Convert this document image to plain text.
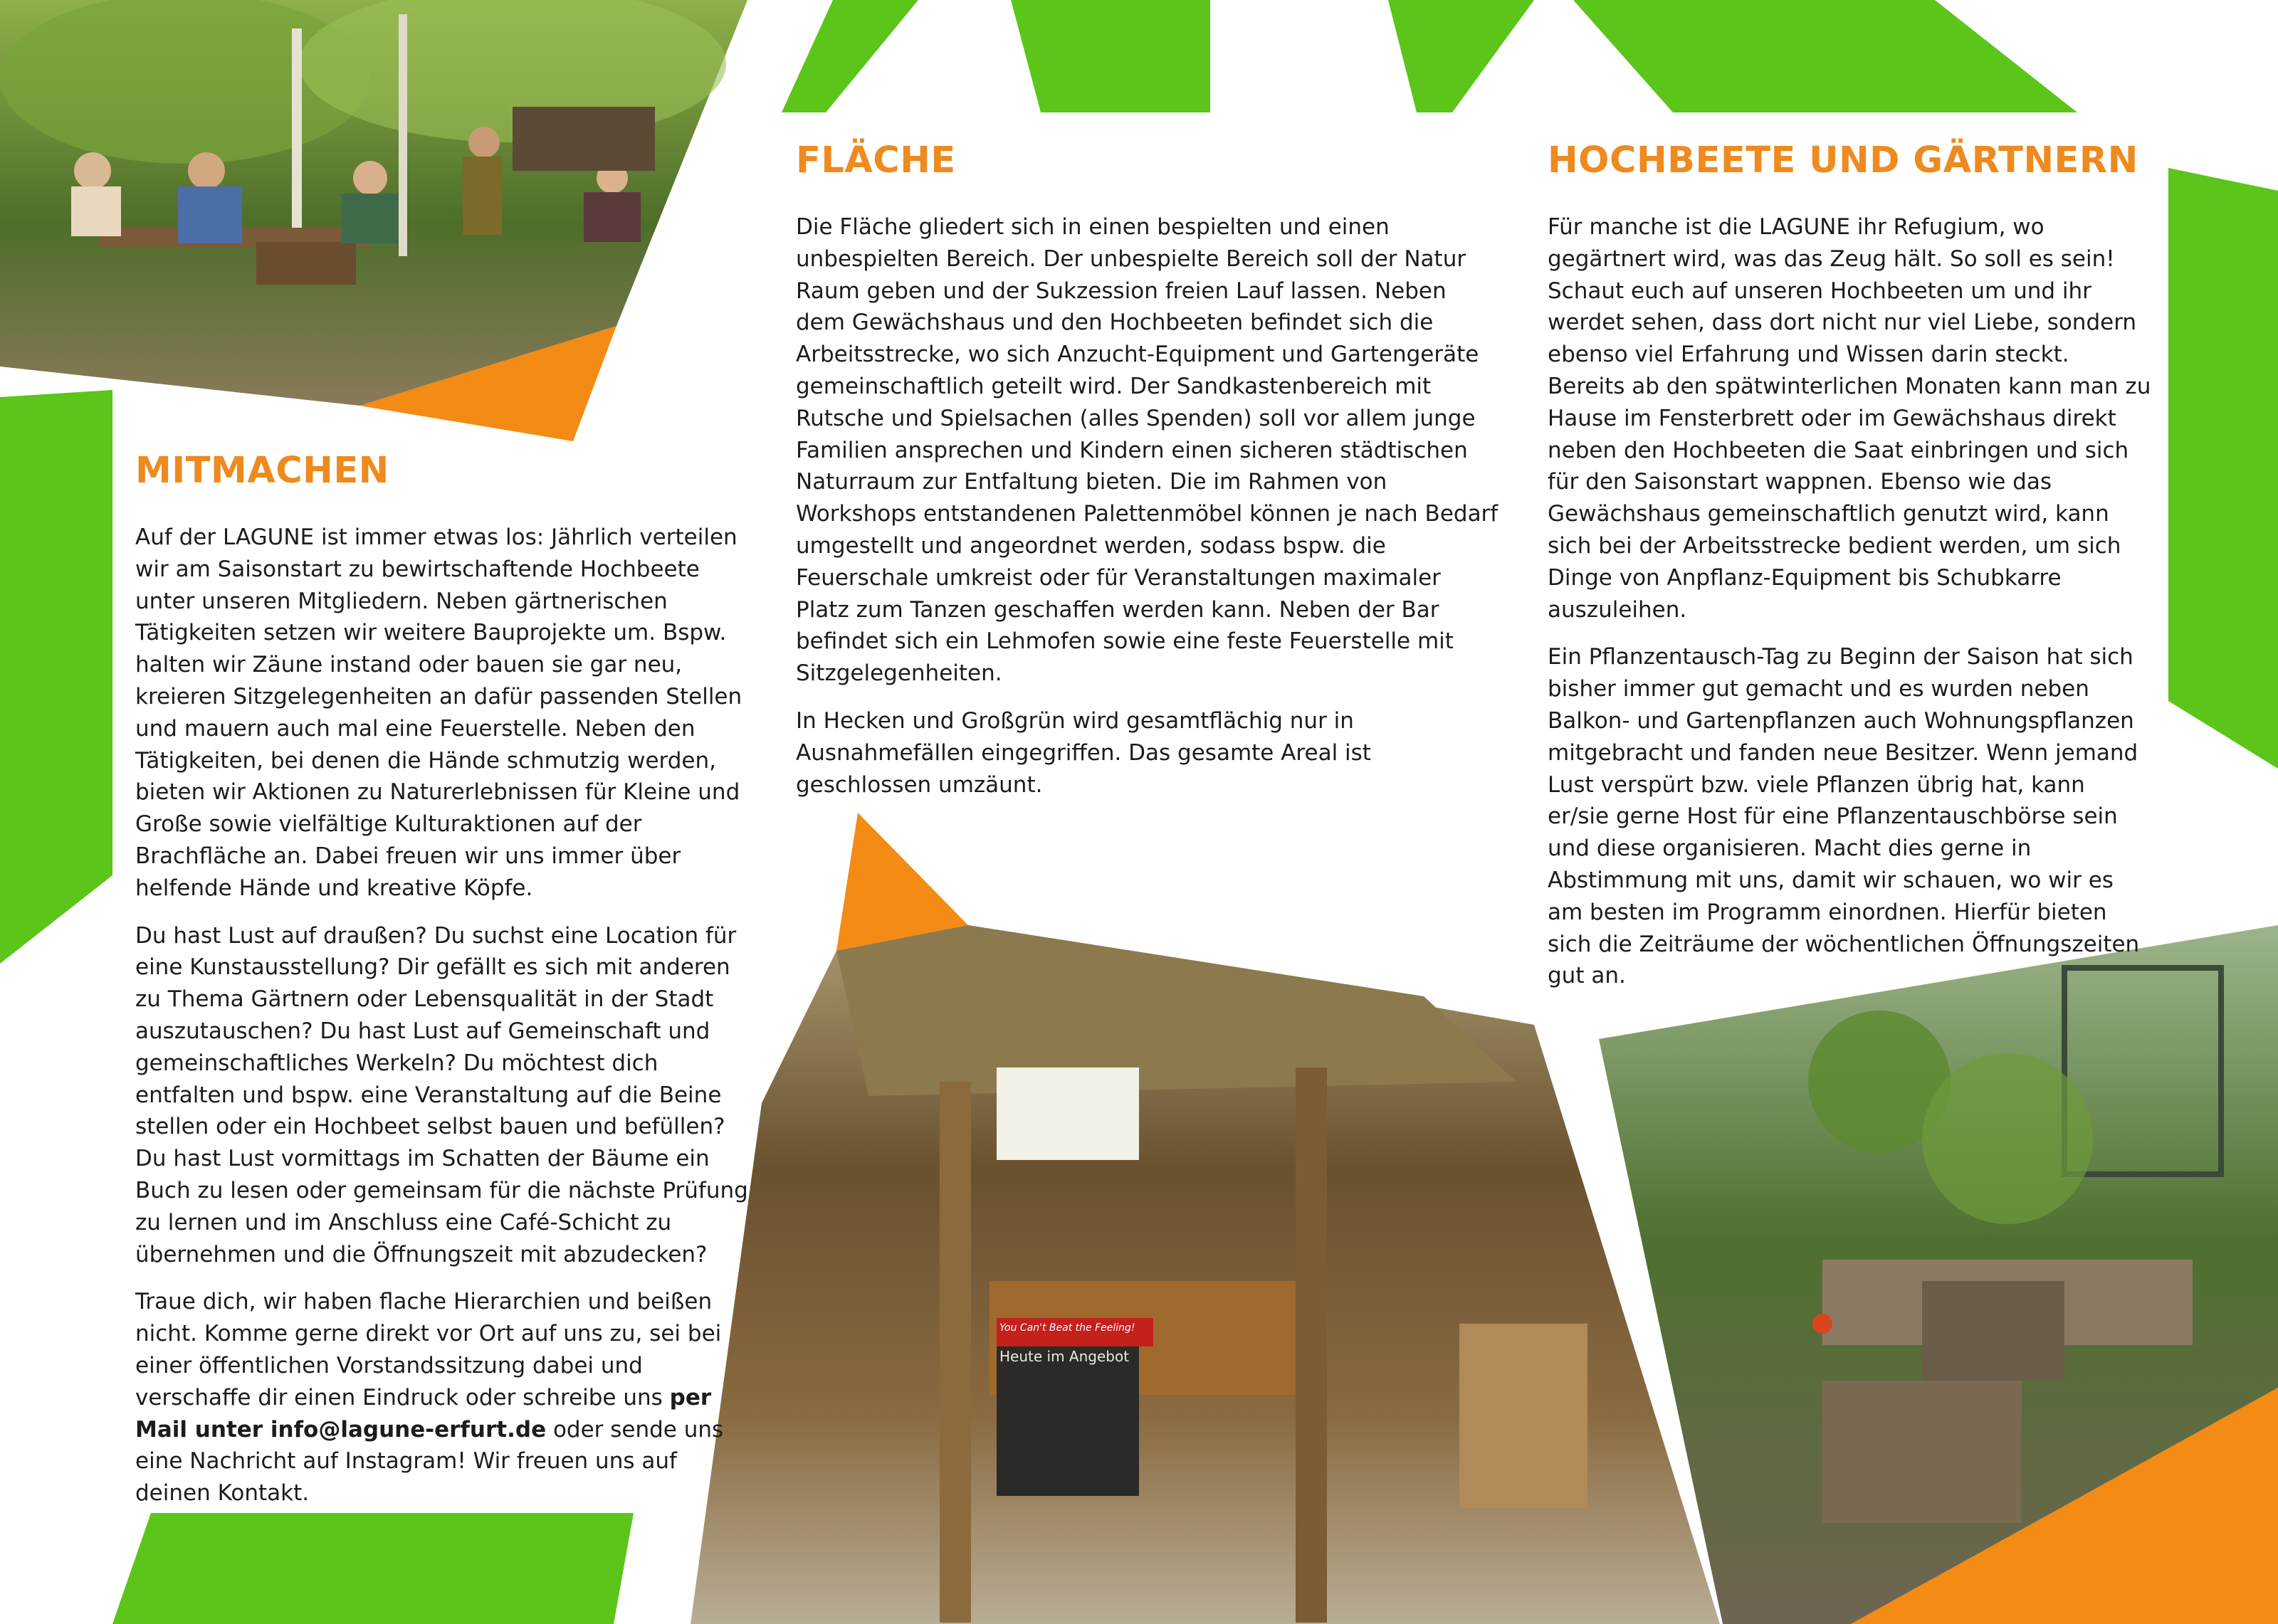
MITMACHEN

Auf der LAGUNE ist immer etwas los: Jährlich verteilen wir am Saisonstart zu bewirtschaftende Hochbeete unter unseren Mitgliedern. Neben gärtnerischen Tätigkeiten setzen wir weitere Bauprojekte um. Bspw. halten wir Zäune instand oder bauen sie gar neu, kreieren Sitzgelegenheiten an dafür passenden Stellen und mauern auch mal eine Feuerstelle. Neben den Tätigkeiten, bei denen die Hände schmutzig werden, bieten wir Aktionen zu Naturerlebnissen für Kleine und Große sowie vielfältige Kulturaktionen auf der Brachfläche an. Dabei freuen wir uns immer über helfende Hände und kreative Köpfe.

Du hast Lust auf draußen? Du suchst eine Location für eine Kunstausstellung? Dir gefällt es sich mit anderen zu Thema Gärtnern oder Lebensqualität in der Stadt auszutauschen? Du hast Lust auf Gemeinschaft und gemeinschaftliches Werkeln? Du möchtest dich entfalten und bspw. eine Veranstaltung auf die Beine stellen oder ein Hochbeet selbst bauen und befüllen? Du hast Lust vormittags im Schatten der Bäume ein Buch zu lesen oder gemeinsam für die nächste Prüfung zu lernen und im Anschluss eine Café-Schicht zu übernehmen und die Öffnungszeit mit abzudecken?

Traue dich, wir haben flache Hierarchien und beißen nicht. Komme gerne direkt vor Ort auf uns zu, sei bei einer öffentlichen Vorstandssitzung dabei und verschaffe dir einen Eindruck oder schreibe uns per Mail unter info@lagune-erfurt.de oder sende uns eine Nachricht auf Instagram! Wir freuen uns auf deinen Kontakt.

FLÄCHE

Die Fläche gliedert sich in einen bespielten und einen unbespielten Bereich. Der unbespielte Bereich soll der Natur Raum geben und der Sukzession freien Lauf lassen. Neben dem Gewächshaus und den Hochbeeten befindet sich die Arbeitsstrecke, wo sich Anzucht-Equipment und Gartengeräte gemeinschaftlich geteilt wird. Der Sandkastenbereich mit Rutsche und Spielsachen (alles Spenden) soll vor allem junge Familien ansprechen und Kindern einen sicheren städtischen Naturraum zur Entfaltung bieten. Die im Rahmen von Workshops entstandenen Palettenmöbel können je nach Bedarf umgestellt und angeordnet werden, sodass bspw. die Feuerschale umkreist oder für Veranstaltungen maximaler Platz zum Tanzen geschaffen werden kann. Neben der Bar befindet sich ein Lehmofen sowie eine feste Feuerstelle mit Sitzgelegenheiten.

In Hecken und Großgrün wird gesamtflächig nur in Ausnahmefällen eingegriffen. Das gesamte Areal ist geschlossen umzäunt.

HOCHBEETE UND GÄRTNERN

Für manche ist die LAGUNE ihr Refugium, wo gegärtnert wird, was das Zeug hält. So soll es sein! Schaut euch auf unseren Hochbeeten um und ihr werdet sehen, dass dort nicht nur viel Liebe, sondern ebenso viel Erfahrung und Wissen darin steckt. Bereits ab den spätwinterlichen Monaten kann man zu Hause im Fensterbrett oder im Gewächshaus direkt neben den Hochbeeten die Saat einbringen und sich für den Saisonstart wappnen. Ebenso wie das Gewächshaus gemeinschaftlich genutzt wird, kann sich bei der Arbeitsstrecke bedient werden, um sich Dinge von Anpflanz-Equipment bis Schubkarre auszuleihen.

Ein Pflanzentausch-Tag zu Beginn der Saison hat sich bisher immer gut gemacht und es wurden neben Balkon- und Gartenpflanzen auch Wohnungspflanzen mitgebracht und fanden neue Besitzer. Wenn jemand Lust verspürt bzw. viele Pflanzen übrig hat, kann er/sie gerne Host für eine Pflanzentauschbörse sein und diese organisieren. Macht dies gerne in Abstimmung mit uns, damit wir schauen, wo wir es am besten im Programm einordnen. Hierfür bieten sich die Zeiträume der wöchentlichen Öffnungszeiten gut an.

You Can't Beat the Feeling!
Heute im Angebot
